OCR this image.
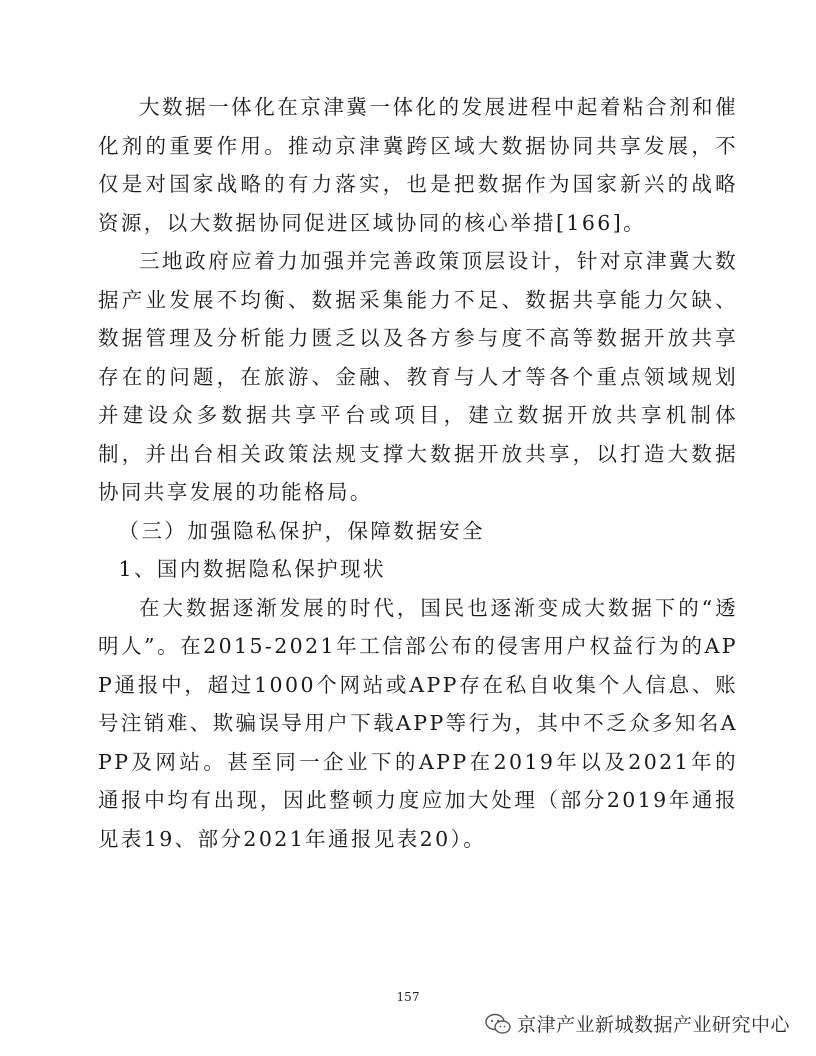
大数据一体化在京津冀一体化的发展进程中起着粘合剂和催化剂的重要作用。推动京津冀跨区域大数据协同共享发展，不仅是对国家战略的有力落实，也是把数据作为国家新兴的战略资源，以大数据协同促进区域协同的核心举措[166]。

三地政府应着力加强并完善政策顶层设计，针对京津冀大数据产业发展不均衡、数据采集能力不足、数据共享能力欠缺、数据管理及分析能力匮乏以及各方参与度不高等数据开放共享存在的问题，在旅游、金融、教育与人才等各个重点领域规划并建设众多数据共享平台或项目，建立数据开放共享机制体制，并出台相关政策法规支撑大数据开放共享，以打造大数据协同共享发展的功能格局。

（三）加强隐私保护，保障数据安全

1、国内数据隐私保护现状

在大数据逐渐发展的时代，国民也逐渐变成大数据下的“透明人”。在2015-2021年工信部公布的侵害用户权益行为的APP通报中，超过1000个网站或APP存在私自收集个人信息、账号注销难、欺骗误导用户下载APP等行为，其中不乏众多知名APP及网站。甚至同一企业下的APP在2019年以及2021年的通报中均有出现，因此整顿力度应加大处理（部分2019年通报见表19、部分2021年通报见表20）。

157
京津产业新城数据产业研究中心
